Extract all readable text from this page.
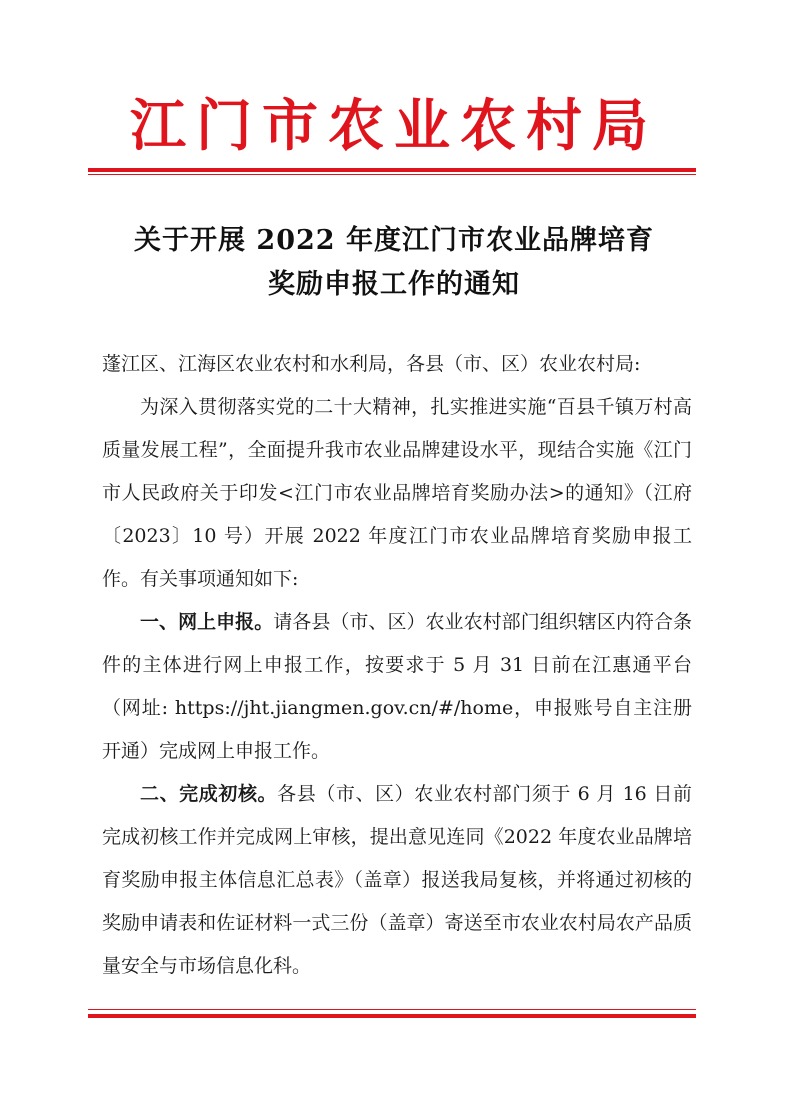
江门市农业农村局
关于开展 2022 年度江门市农业品牌培育
奖励申报工作的通知
蓬江区、江海区农业农村和水利局，各县（市、区）农业农村局:

为深入贯彻落实党的二十大精神，扎实推进实施“百县千镇万村高质量发展工程”，全面提升我市农业品牌建设水平，现结合实施《江门市人民政府关于印发<江门市农业品牌培育奖励办法>的通知》（江府〔2023〕10 号）开展 2022 年度江门市农业品牌培育奖励申报工作。有关事项通知如下:

一、网上申报。请各县（市、区）农业农村部门组织辖区内符合条件的主体进行网上申报工作，按要求于 5 月 31 日前在江惠通平台（网址: https://jht.jiangmen.gov.cn/#/home，申报账号自主注册开通）完成网上申报工作。

二、完成初核。各县（市、区）农业农村部门须于 6 月 16 日前完成初核工作并完成网上审核，提出意见连同《2022 年度农业品牌培育奖励申报主体信息汇总表》（盖章）报送我局复核，并将通过初核的奖励申请表和佐证材料一式三份（盖章）寄送至市农业农村局农产品质量安全与市场信息化科。
